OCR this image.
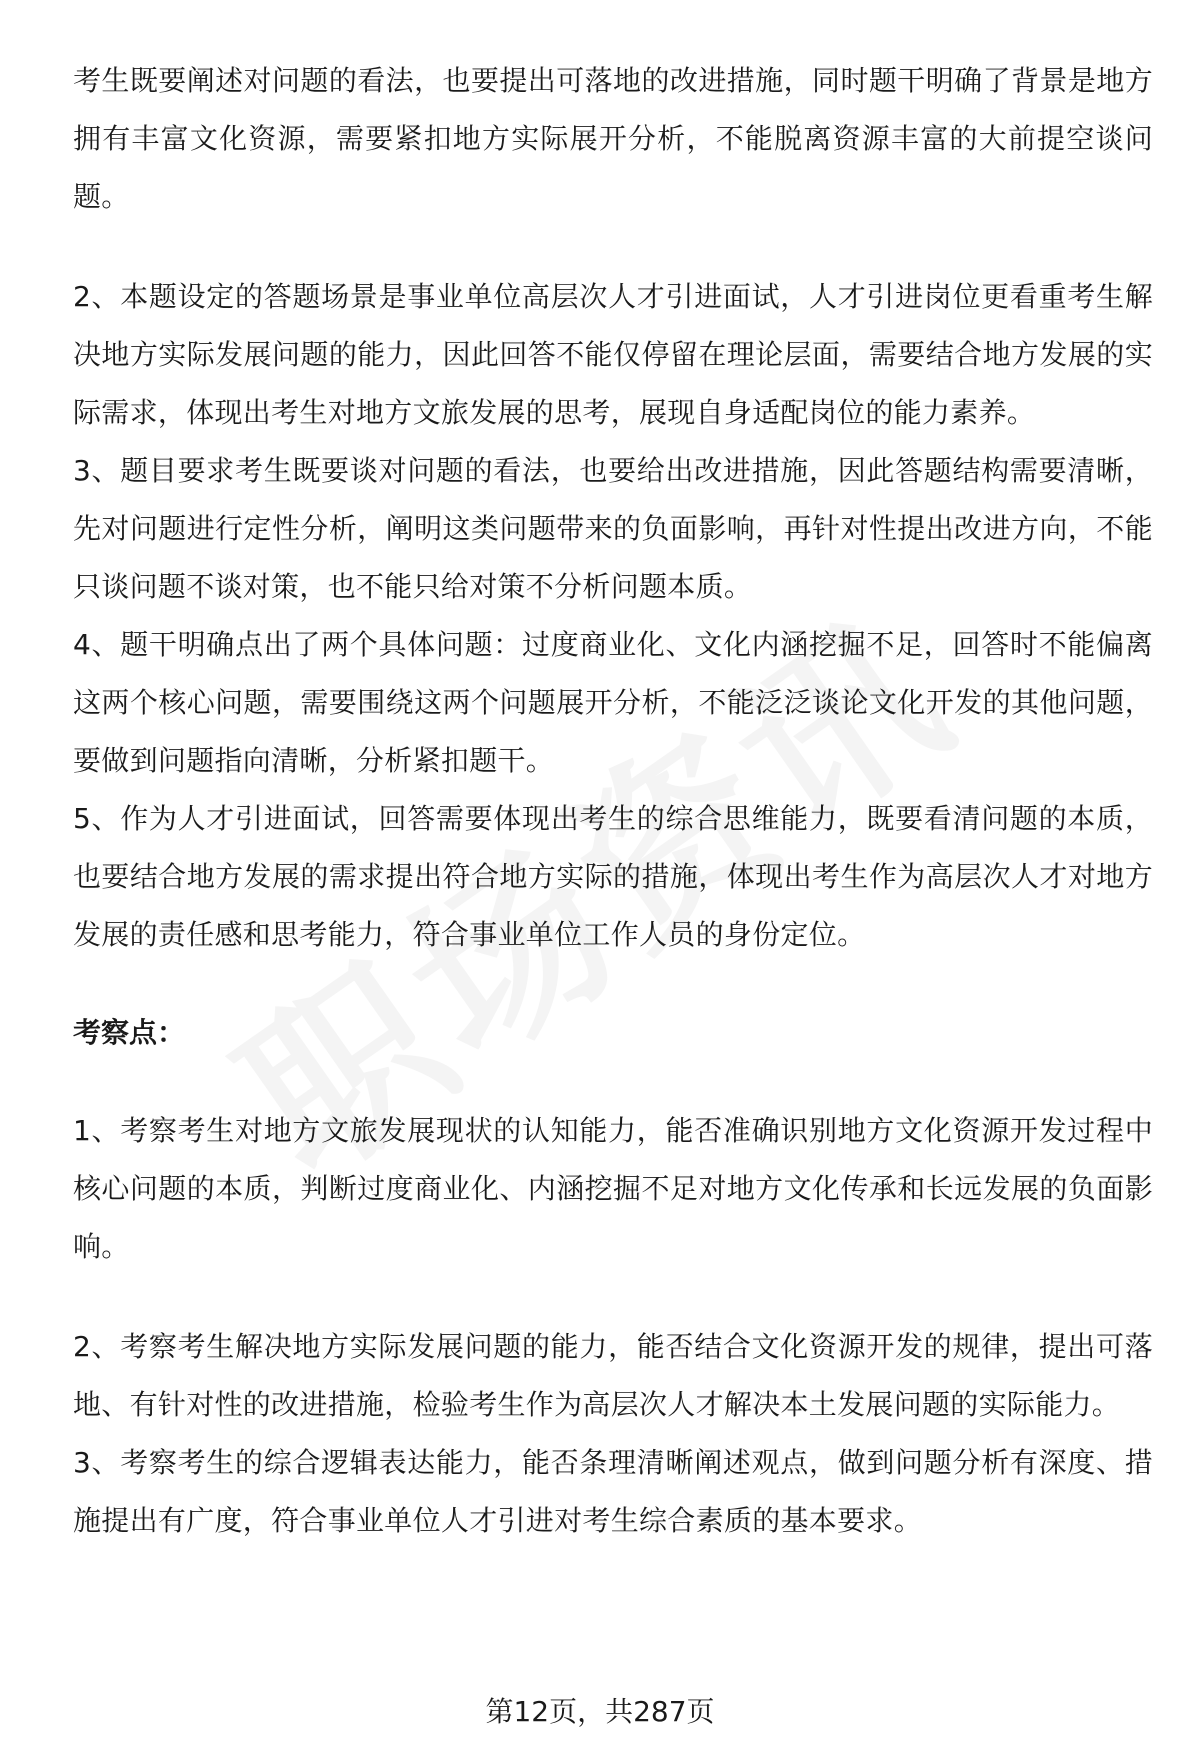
考生既要阐述对问题的看法，也要提出可落地的改进措施，同时题干明确了背景是地方拥有丰富文化资源，需要紧扣地方实际展开分析，不能脱离资源丰富的大前提空谈问题。

2、本题设定的答题场景是事业单位高层次人才引进面试，人才引进岗位更看重考生解决地方实际发展问题的能力，因此回答不能仅停留在理论层面，需要结合地方发展的实际需求，体现出考生对地方文旅发展的思考，展现自身适配岗位的能力素养。

3、题目要求考生既要谈对问题的看法，也要给出改进措施，因此答题结构需要清晰，先对问题进行定性分析，阐明这类问题带来的负面影响，再针对性提出改进方向，不能只谈问题不谈对策，也不能只给对策不分析问题本质。

4、题干明确点出了两个具体问题：过度商业化、文化内涵挖掘不足，回答时不能偏离这两个核心问题，需要围绕这两个问题展开分析，不能泛泛谈论文化开发的其他问题，要做到问题指向清晰，分析紧扣题干。

5、作为人才引进面试，回答需要体现出考生的综合思维能力，既要看清问题的本质，也要结合地方发展的需求提出符合地方实际的措施，体现出考生作为高层次人才对地方发展的责任感和思考能力，符合事业单位工作人员的身份定位。

考察点：

1、考察考生对地方文旅发展现状的认知能力，能否准确识别地方文化资源开发过程中核心问题的本质，判断过度商业化、内涵挖掘不足对地方文化传承和长远发展的负面影响。

2、考察考生解决地方实际发展问题的能力，能否结合文化资源开发的规律，提出可落地、有针对性的改进措施，检验考生作为高层次人才解决本土发展问题的实际能力。

3、考察考生的综合逻辑表达能力，能否条理清晰阐述观点，做到问题分析有深度、措施提出有广度，符合事业单位人才引进对考生综合素质的基本要求。

第12页，共287页
